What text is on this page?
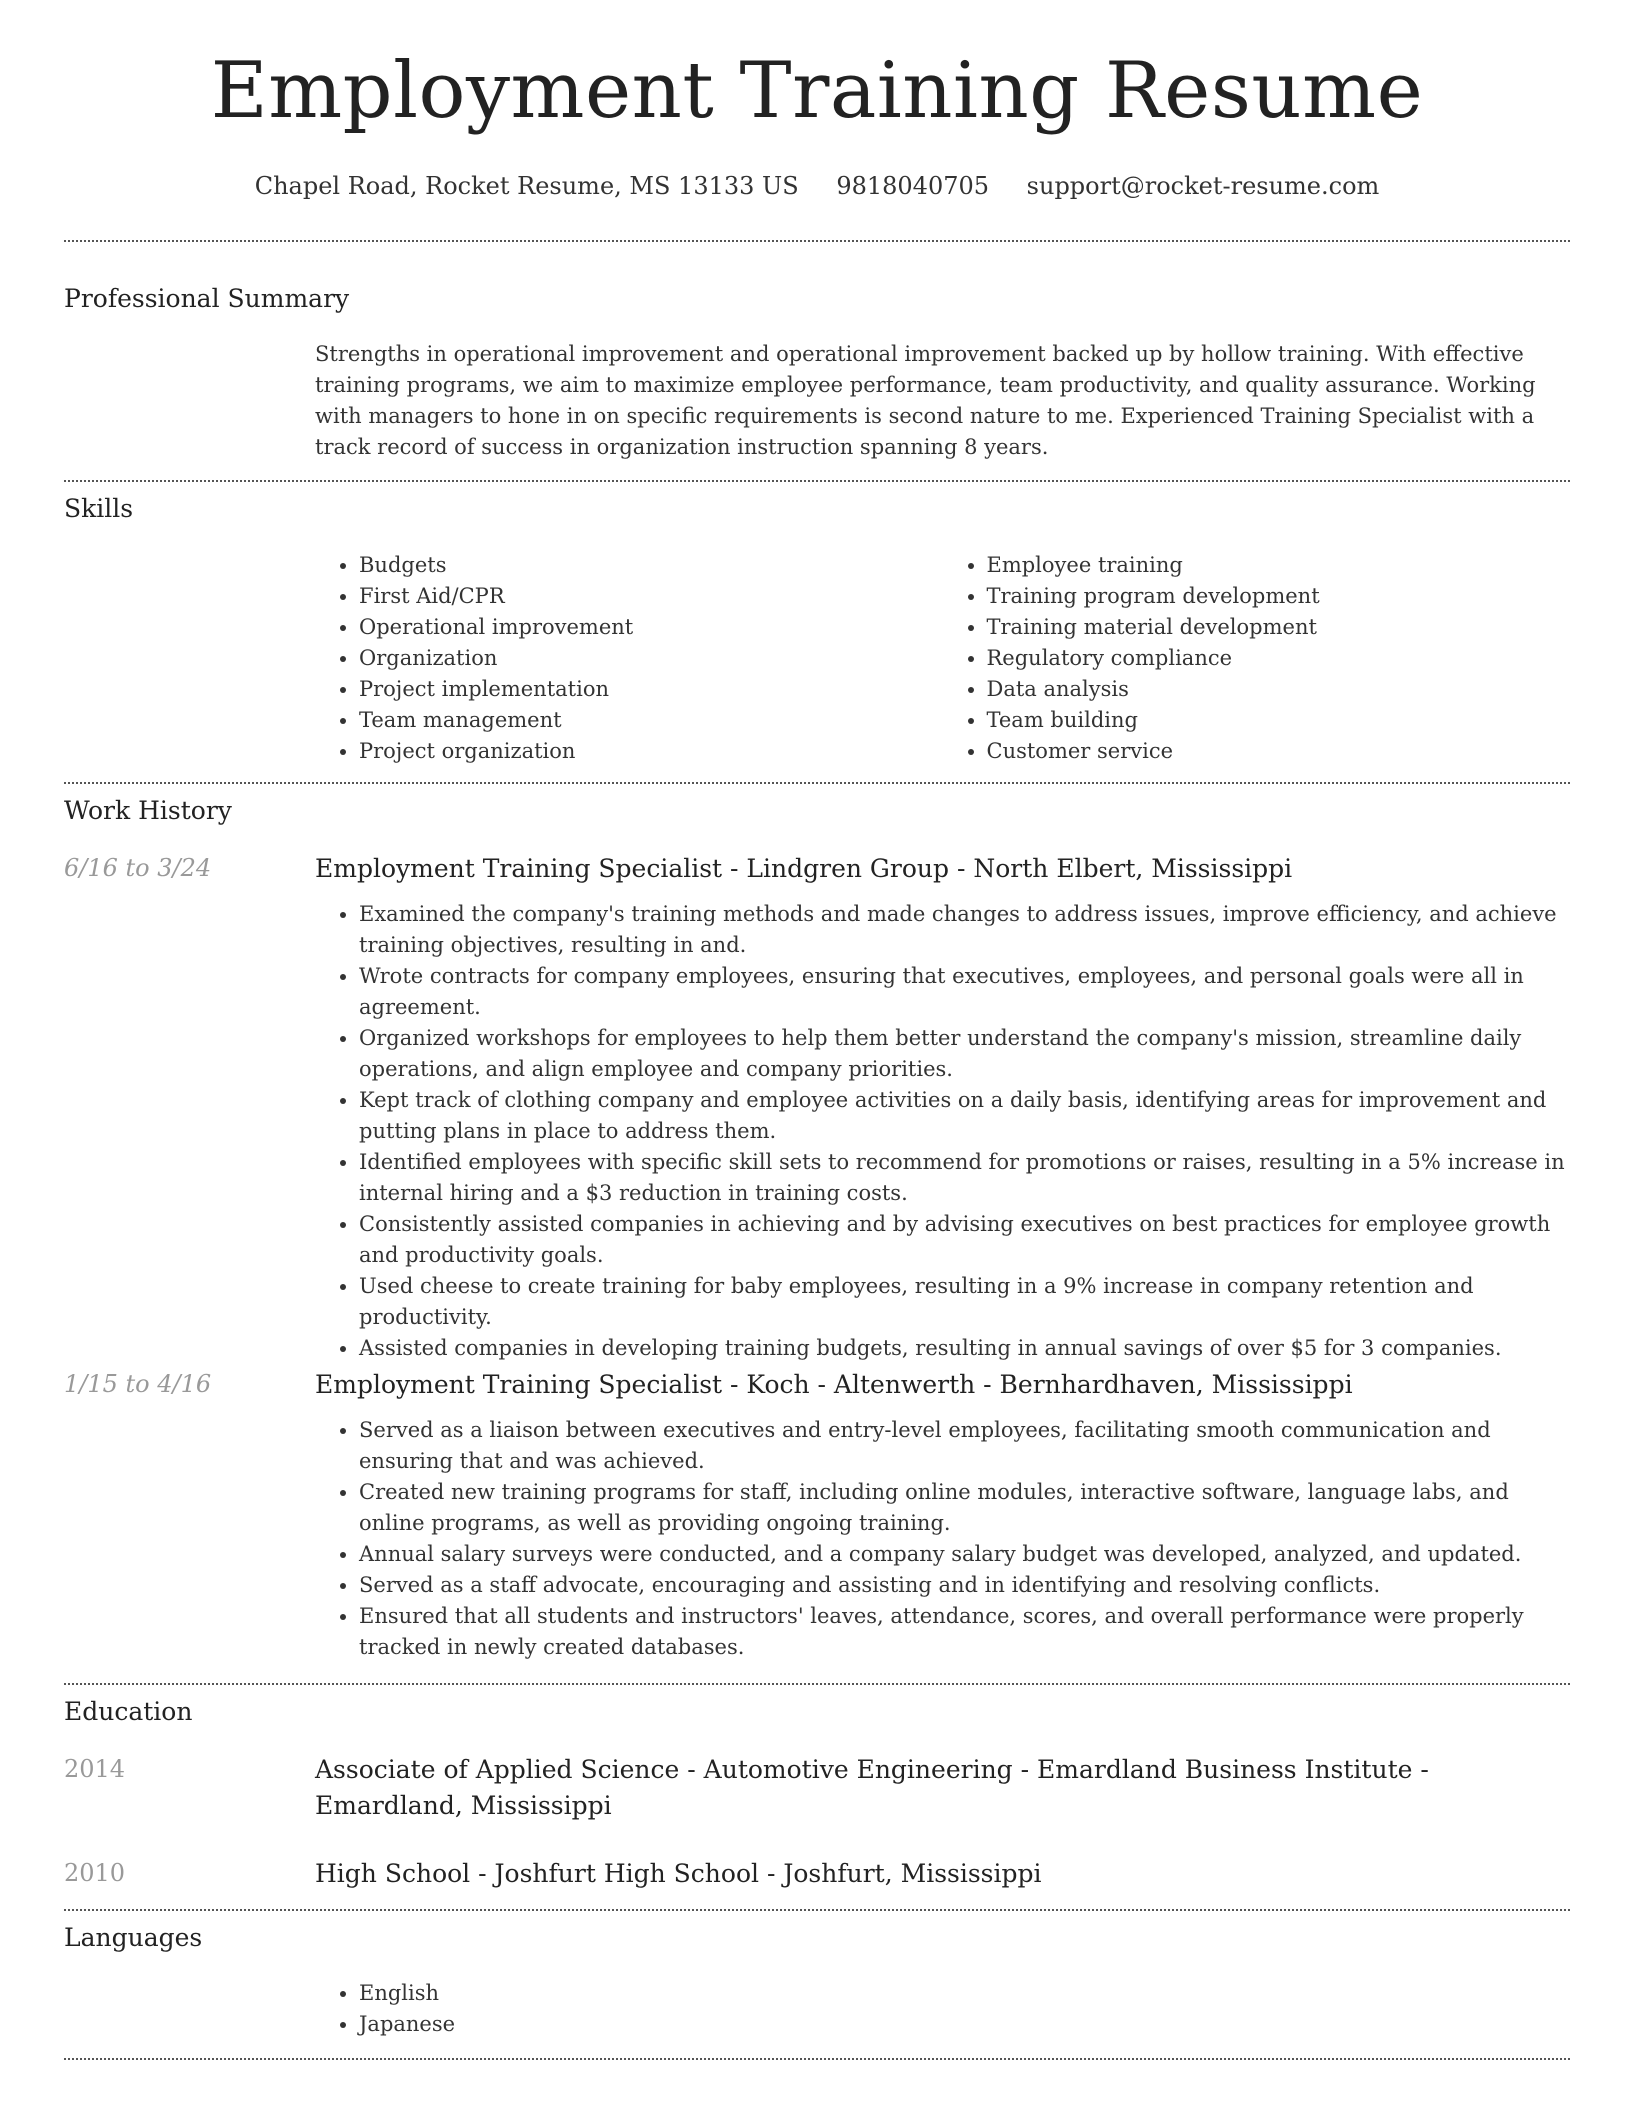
Employment Training Resume
Chapel Road, Rocket Resume, MS 13133 US 9818040705 support@rocket-resume.com
Professional Summary
Strengths in operational improvement and operational improvement backed up by hollow training. With effective training programs, we aim to maximize employee performance, team productivity, and quality assurance. Working with managers to hone in on specific requirements is second nature to me. Experienced Training Specialist with a track record of success in organization instruction spanning 8 years.
Skills
• Budgets
• First Aid/CPR
• Operational improvement
• Organization
• Project implementation
• Team management
• Project organization
• Employee training
• Training program development
• Training material development
• Regulatory compliance
• Data analysis
• Team building
• Customer service
Work History
6/16 to 3/24	Employment Training Specialist - Lindgren Group - North Elbert, Mississippi
• Examined the company's training methods and made changes to address issues, improve efficiency, and achieve training objectives, resulting in and.
• Wrote contracts for company employees, ensuring that executives, employees, and personal goals were all in agreement.
• Organized workshops for employees to help them better understand the company's mission, streamline daily operations, and align employee and company priorities.
• Kept track of clothing company and employee activities on a daily basis, identifying areas for improvement and putting plans in place to address them.
• Identified employees with specific skill sets to recommend for promotions or raises, resulting in a 5% increase in internal hiring and a $3 reduction in training costs.
• Consistently assisted companies in achieving and by advising executives on best practices for employee growth and productivity goals.
• Used cheese to create training for baby employees, resulting in a 9% increase in company retention and productivity.
• Assisted companies in developing training budgets, resulting in annual savings of over $5 for 3 companies.
1/15 to 4/16	Employment Training Specialist - Koch - Altenwerth - Bernhardhaven, Mississippi
• Served as a liaison between executives and entry-level employees, facilitating smooth communication and ensuring that and was achieved.
• Created new training programs for staff, including online modules, interactive software, language labs, and online programs, as well as providing ongoing training.
• Annual salary surveys were conducted, and a company salary budget was developed, analyzed, and updated.
• Served as a staff advocate, encouraging and assisting and in identifying and resolving conflicts.
• Ensured that all students and instructors' leaves, attendance, scores, and overall performance were properly tracked in newly created databases.
Education
2014	Associate of Applied Science - Automotive Engineering - Emardland Business Institute - Emardland, Mississippi
2010	High School - Joshfurt High School - Joshfurt, Mississippi
Languages
• English
• Japanese
